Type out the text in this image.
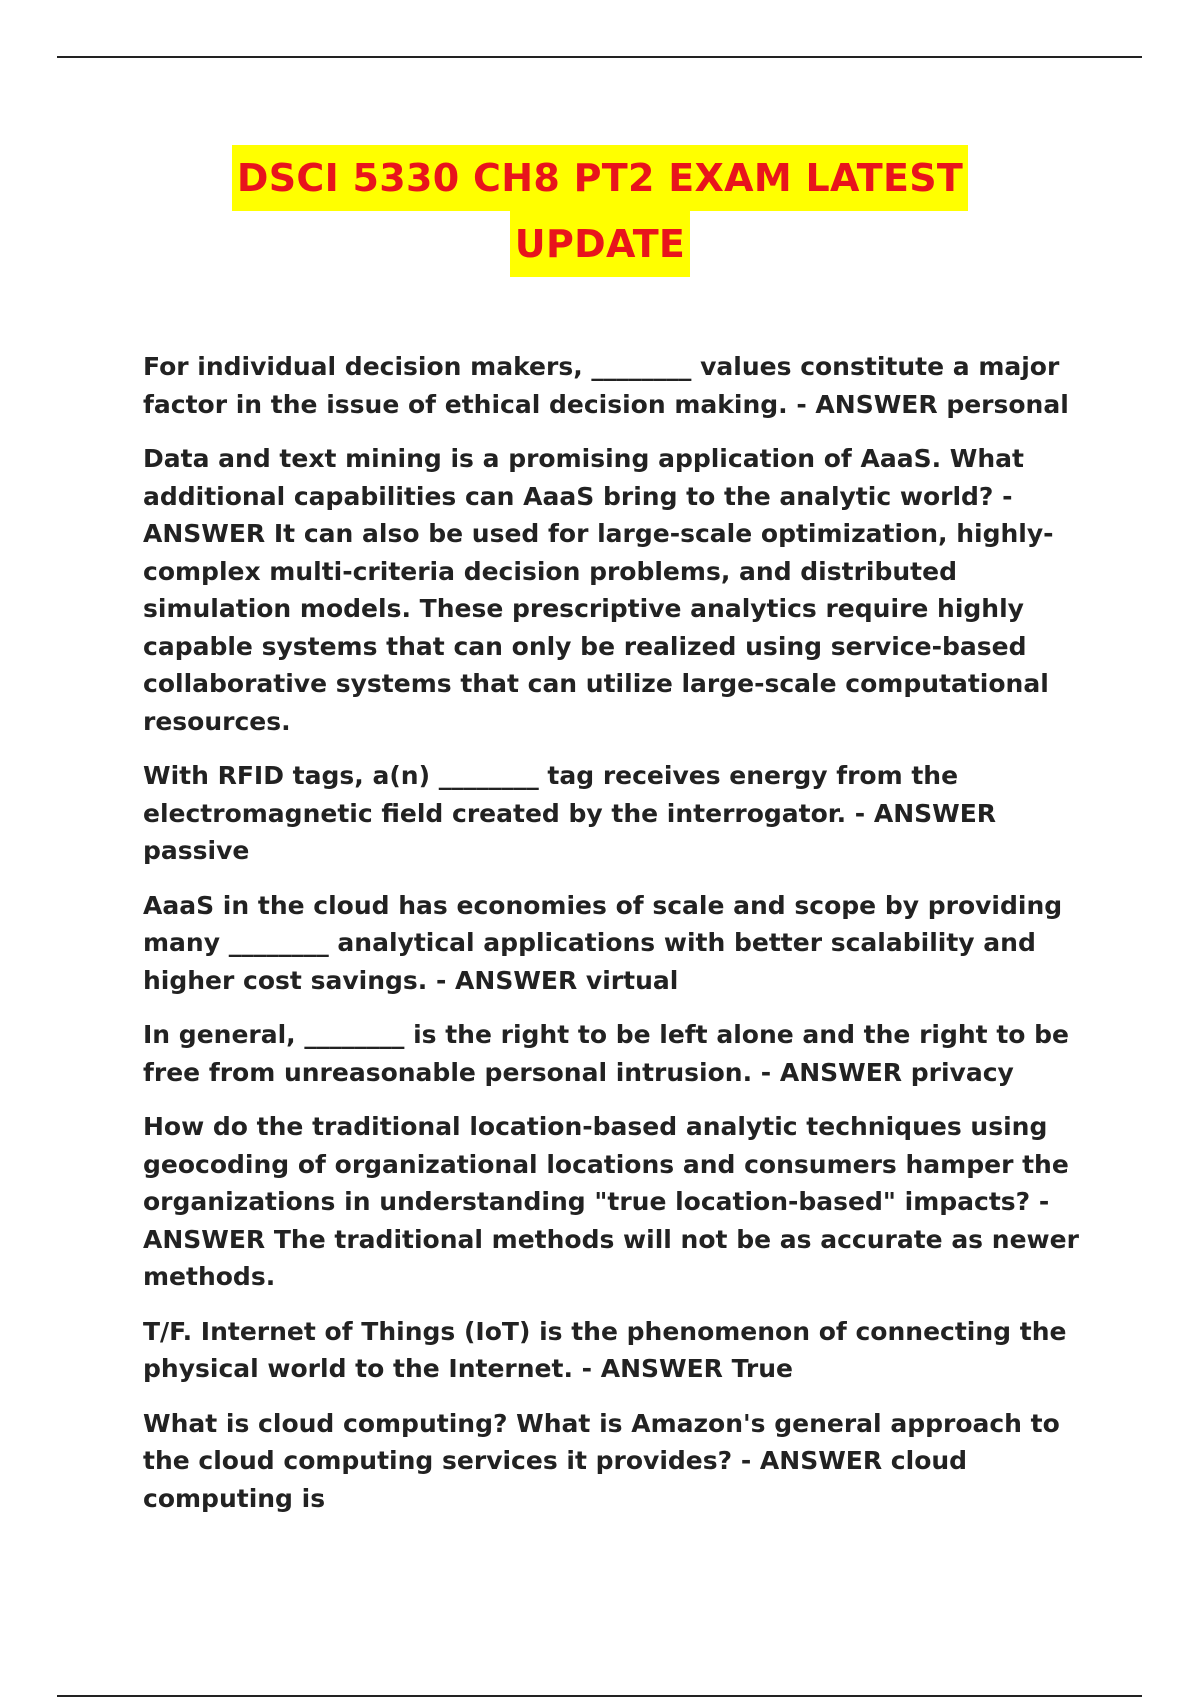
DSCI 5330 CH8 PT2 EXAM LATEST
UPDATE

For individual decision makers, ________ values constitute a major factor in the issue of ethical decision making. - ANSWER personal

Data and text mining is a promising application of AaaS. What additional capabilities can AaaS bring to the analytic world? - ANSWER It can also be used for large-scale optimization, highly-complex multi-criteria decision problems, and distributed simulation models. These prescriptive analytics require highly capable systems that can only be realized using service-based collaborative systems that can utilize large-scale computational resources.

With RFID tags, a(n) ________ tag receives energy from the electromagnetic field created by the interrogator. - ANSWER passive

AaaS in the cloud has economies of scale and scope by providing many ________ analytical applications with better scalability and higher cost savings. - ANSWER virtual

In general, ________ is the right to be left alone and the right to be free from unreasonable personal intrusion. - ANSWER privacy

How do the traditional location-based analytic techniques using geocoding of organizational locations and consumers hamper the organizations in understanding "true location-based" impacts? - ANSWER The traditional methods will not be as accurate as newer methods.

T/F. Internet of Things (IoT) is the phenomenon of connecting the physical world to the Internet. - ANSWER True

What is cloud computing? What is Amazon's general approach to the cloud computing services it provides? - ANSWER cloud computing is
